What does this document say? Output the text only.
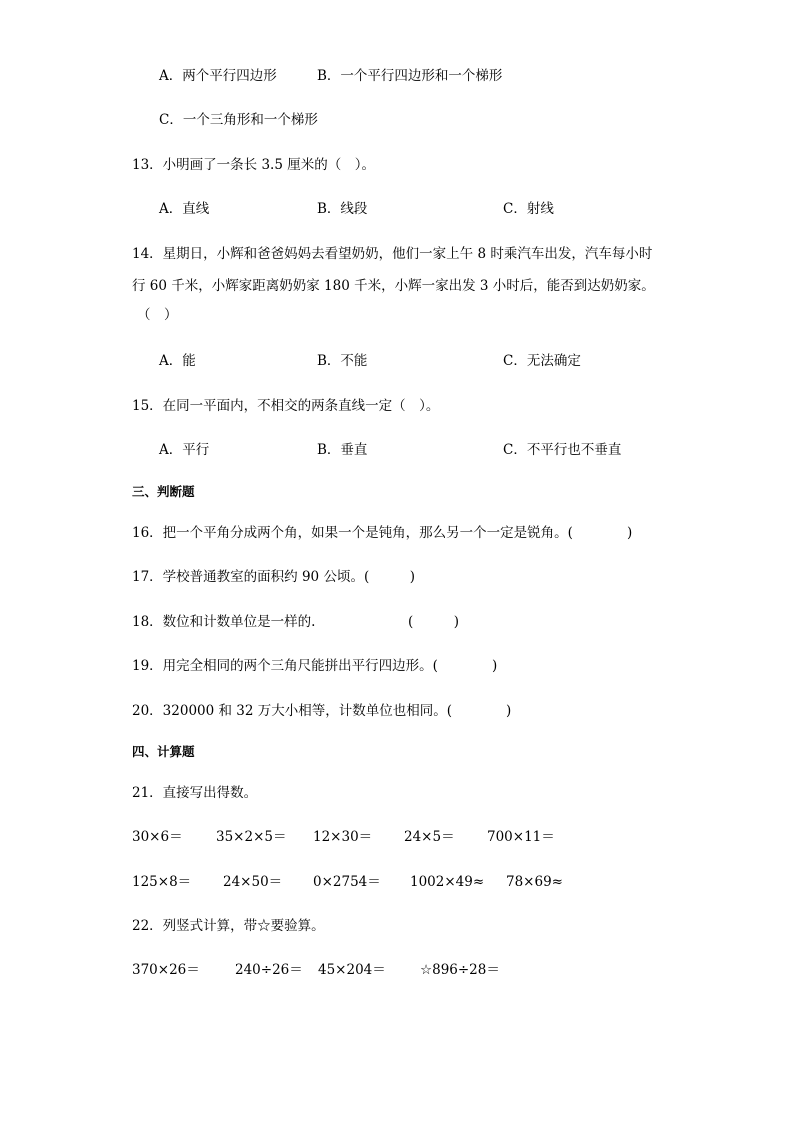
A．两个平行四边形	B．一个平行四边形和一个梯形
C．一个三角形和一个梯形
13．小明画了一条长 3.5 厘米的（　）。
A．直线	B．线段	C．射线
14．星期日，小辉和爸爸妈妈去看望奶奶，他们一家上午 8 时乘汽车出发，汽车每小时
行 60 千米，小辉家距离奶奶家 180 千米，小辉一家出发 3 小时后，能否到达奶奶家。
（　）
A．能	B．不能	C．无法确定
15．在同一平面内，不相交的两条直线一定（　）。
A．平行	B．垂直	C．不平行也不垂直
三、判断题
16．把一个平角分成两个角，如果一个是钝角，那么另一个一定是锐角。(　　　　)
17．学校普通教室的面积约 90 公顷。(　　　)
18．数位和计数单位是一样的.	(　　　)
19．用完全相同的两个三角尺能拼出平行四边形。(　　　　)
20．320000 和 32 万大小相等，计数单位也相同。(　　　　)
四、计算题
21．直接写出得数。
30×6＝ 35×2×5＝ 12×30＝ 24×5＝ 700×11＝
125×8＝ 24×50＝ 0×2754＝ 1002×49≈ 78×69≈
22．列竖式计算，带☆要验算。
370×26＝	240÷26＝ 45×204＝	☆896÷28＝
